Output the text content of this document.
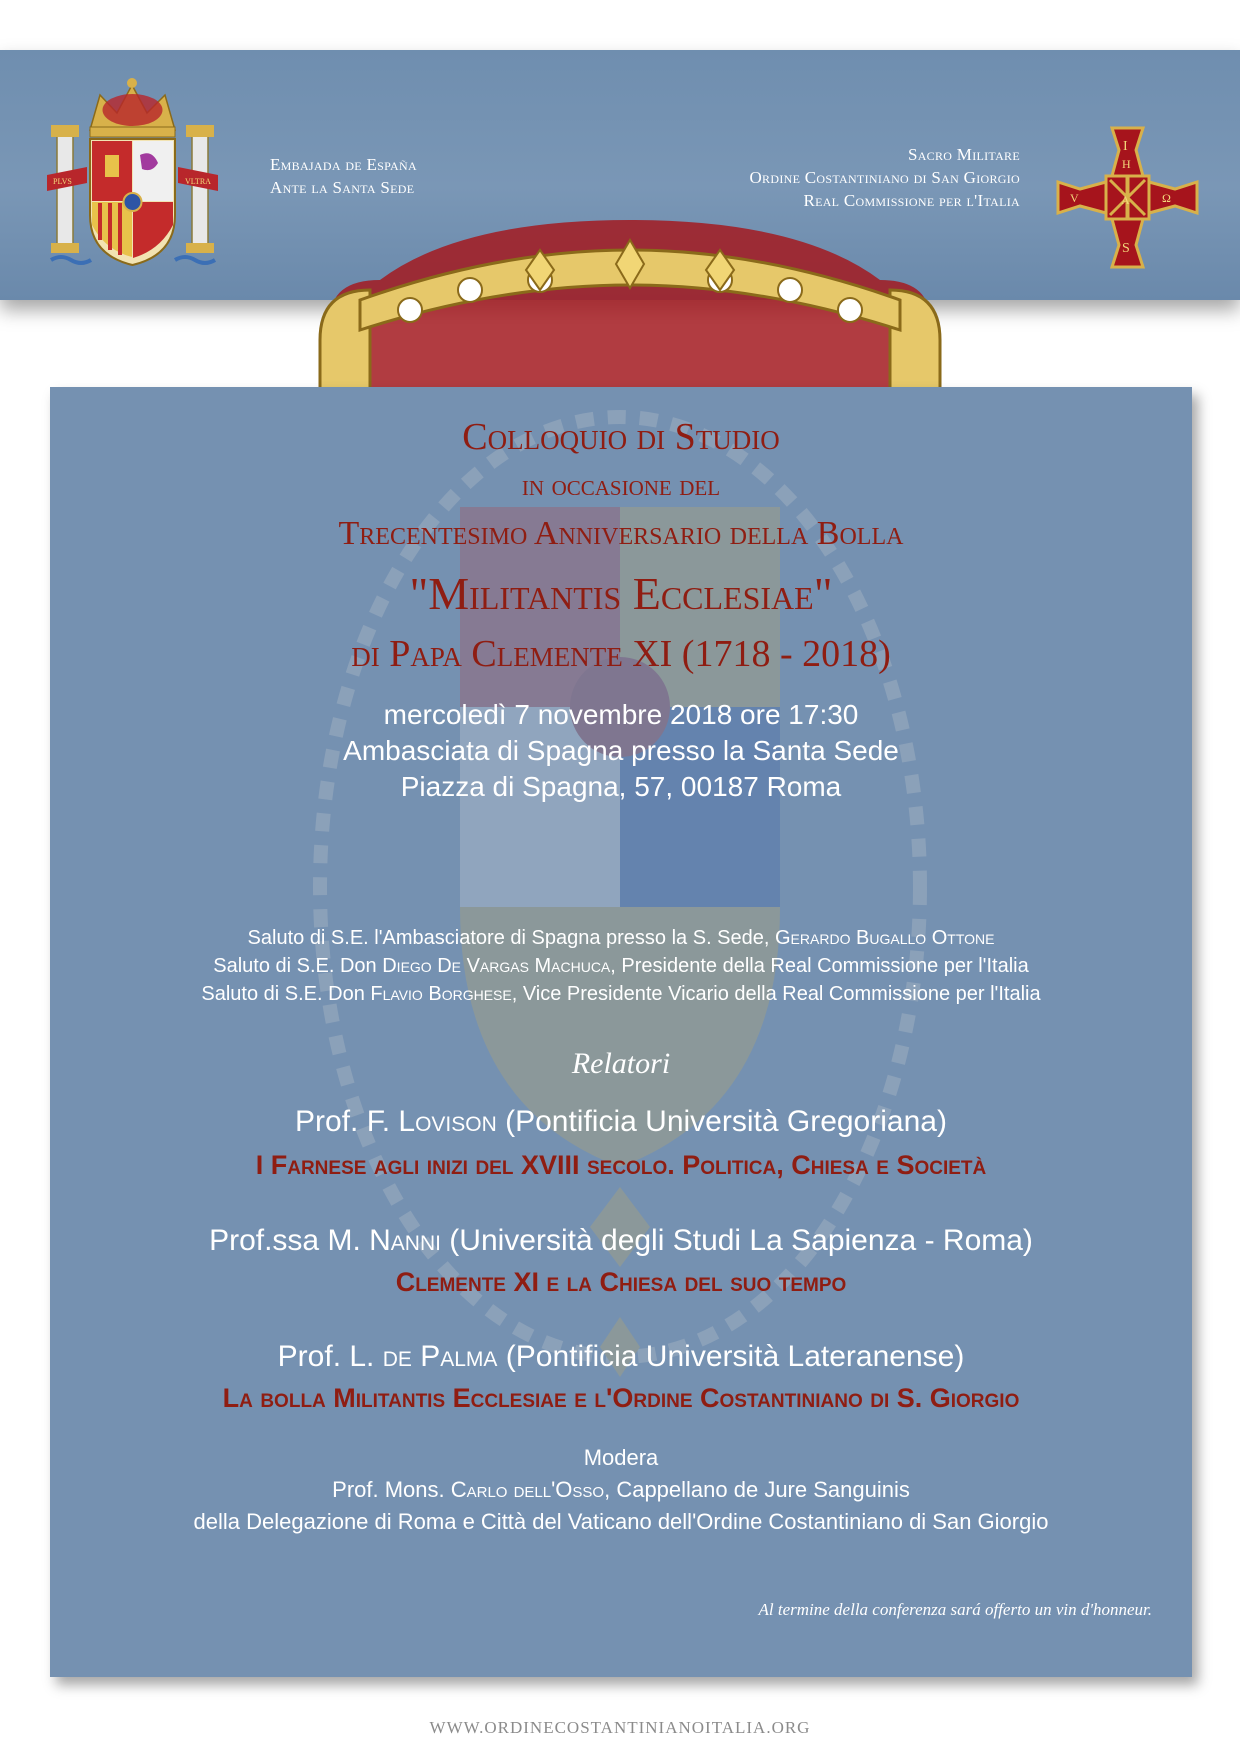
PLVS	VLTRA
Embajada de España
Ante la Santa Sede
Sacro Militare
Ordine Costantiniano di San Giorgio
Real Commissione per l'Italia
I
H
S
V	A	Ω
Colloquio di Studio
in occasione del
Trecentesimo Anniversario della Bolla
"Militantis Ecclesiae"
di Papa Clemente XI (1718 - 2018)
mercoledì 7 novembre 2018 ore 17:30
Ambasciata di Spagna presso la Santa Sede
Piazza di Spagna, 57, 00187 Roma
Saluto di S.E. l'Ambasciatore di Spagna presso la S. Sede, Gerardo Bugallo Ottone
Saluto di S.E. Don Diego De Vargas Machuca, Presidente della Real Commissione per l'Italia
Saluto di S.E. Don Flavio Borghese, Vice Presidente Vicario della Real Commissione per l'Italia
Relatori
Prof. F. Lovison (Pontificia Università Gregoriana)
I Farnese agli inizi del XVIII secolo. Politica, Chiesa e Società
Prof.ssa M. Nanni (Università degli Studi La Sapienza - Roma)
Clemente XI e la Chiesa del suo tempo
Prof. L. de Palma (Pontificia Università Lateranense)
La bolla Militantis Ecclesiae e l'Ordine Costantiniano di S. Giorgio
Modera
Prof. Mons. Carlo dell'Osso, Cappellano de Jure Sanguinis
della Delegazione di Roma e Città del Vaticano dell'Ordine Costantiniano di San Giorgio
Al termine della conferenza sará offerto un vin d'honneur.
WWW.ORDINECOSTANTINIANOITALIA.ORG
